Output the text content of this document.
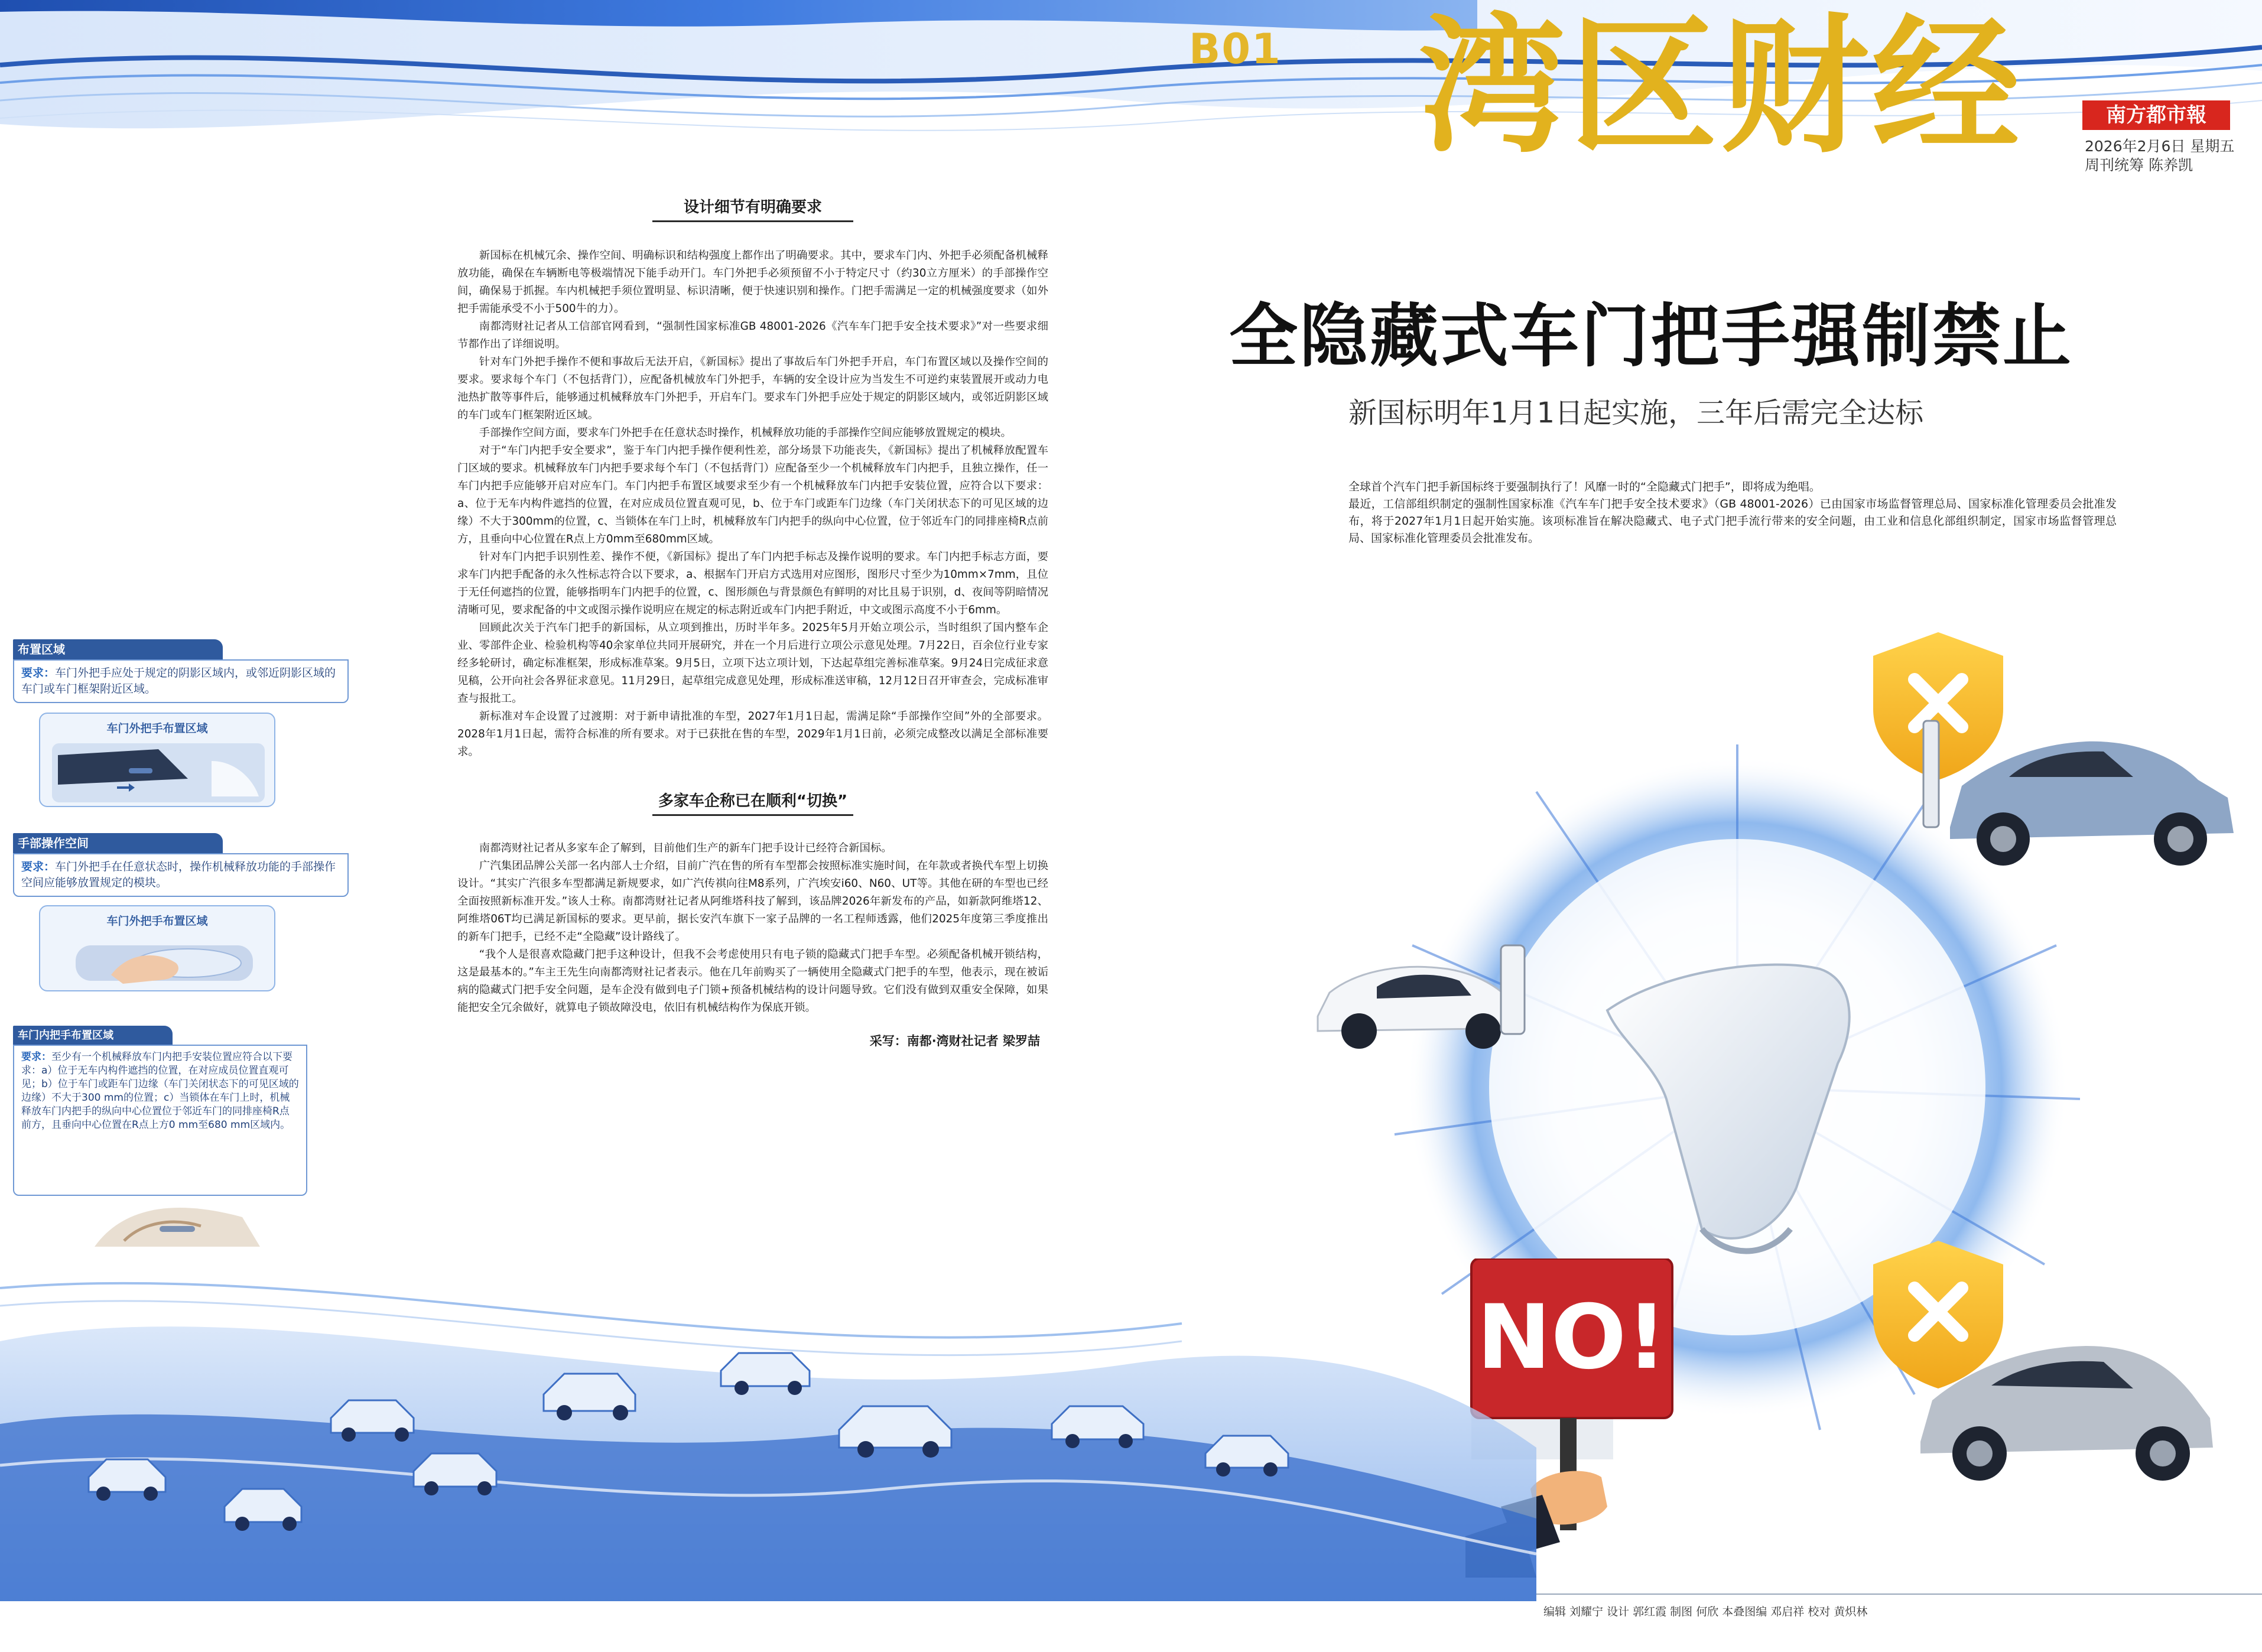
B01 湾区财经	南方都市報
2026年2月6日 星期五
周刊统筹 陈养凯
布置区域
要求：车门外把手应处于规定的阴影区域内，或邻近阴影区域的车门或车门框架附近区域。
车门外把手布置区域
手部操作空间
要求：车门外把手在任意状态时，操作机械释放功能的手部操作空间应能够放置规定的模块。
车门外把手布置区域
车门内把手布置区域
要求：至少有一个机械释放车门内把手安装位置应符合以下要求：a）位于无车内构件遮挡的位置，在对应成员位置直观可见；b）位于车门或距车门边缘（车门关闭状态下的可见区域的边缘）不大于300 mm的位置；c）当锁体在车门上时，机械释放车门内把手的纵向中心位置位于邻近车门的同排座椅R点前方，且垂向中心位置在R点上方0 mm至680 mm区域内。
设计细节有明确要求

新国标在机械冗余、操作空间、明确标识和结构强度上都作出了明确要求。其中，要求车门内、外把手必须配备机械释放功能，确保在车辆断电等极端情况下能手动开门。车门外把手必须预留不小于特定尺寸（约30立方厘米）的手部操作空间，确保易于抓握。车内机械把手须位置明显、标识清晰，便于快速识别和操作。门把手需满足一定的机械强度要求（如外把手需能承受不小于500牛的力）。

南都湾财社记者从工信部官网看到，“强制性国家标准GB 48001-2026《汽车车门把手安全技术要求》”对一些要求细节都作出了详细说明。

针对车门外把手操作不便和事故后无法开启，《新国标》提出了事故后车门外把手开启，车门布置区域以及操作空间的要求。要求每个车门（不包括背门），应配备机械放车门外把手，车辆的安全设计应为当发生不可逆约束装置展开或动力电池热扩散等事件后，能够通过机械释放车门外把手，开启车门。要求车门外把手应处于规定的阴影区域内，或邻近阴影区域的车门或车门框架附近区域。

手部操作空间方面，要求车门外把手在任意状态时操作，机械释放功能的手部操作空间应能够放置规定的模块。

对于“车门内把手安全要求”，鉴于车门内把手操作便利性差，部分场景下功能丧失，《新国标》提出了机械释放配置车门区域的要求。机械释放车门内把手要求每个车门（不包括背门）应配备至少一个机械释放车门内把手，且独立操作，任一车门内把手应能够开启对应车门。车门内把手布置区域要求至少有一个机械释放车门内把手安装位置，应符合以下要求：a、位于无车内构件遮挡的位置，在对应成员位置直观可见，b、位于车门或距车门边缘（车门关闭状态下的可见区域的边缘）不大于300mm的位置，c、当锁体在车门上时，机械释放车门内把手的纵向中心位置，位于邻近车门的同排座椅R点前方，且垂向中心位置在R点上方0mm至680mm区域。

针对车门内把手识别性差、操作不便，《新国标》提出了车门内把手标志及操作说明的要求。车门内把手标志方面，要求车门内把手配备的永久性标志符合以下要求，a、根据车门开启方式选用对应图形，图形尺寸至少为10mm×7mm，且位于无任何遮挡的位置，能够指明车门内把手的位置，c、图形颜色与背景颜色有鲜明的对比且易于识别，d、夜间等阴暗情况清晰可见，要求配备的中文或图示操作说明应在规定的标志附近或车门内把手附近，中文或图示高度不小于6mm。

回顾此次关于汽车门把手的新国标，从立项到推出，历时半年多。2025年5月开始立项公示，当时组织了国内整车企业、零部件企业、检验机构等40余家单位共同开展研究，并在一个月后进行立项公示意见处理。7月22日，百余位行业专家经多轮研讨，确定标准框架，形成标准草案。9月5日，立项下达立项计划，下达起草组完善标准草案。9月24日完成征求意见稿，公开向社会各界征求意见。11月29日，起草组完成意见处理，形成标准送审稿，12月12日召开审查会，完成标准审查与报批工。

新标准对车企设置了过渡期：对于新申请批准的车型，2027年1月1日起，需满足除“手部操作空间”外的全部要求。2028年1月1日起，需符合标准的所有要求。对于已获批在售的车型，2029年1月1日前，必须完成整改以满足全部标准要求。

多家车企称已在顺利“切换”

南都湾财社记者从多家车企了解到，目前他们生产的新车门把手设计已经符合新国标。

广汽集团品牌公关部一名内部人士介绍，目前广汽在售的所有车型都会按照标准实施时间，在年款或者换代车型上切换设计。“其实广汽很多车型都满足新规要求，如广汽传祺向往M8系列，广汽埃安i60、N60、UT等。其他在研的车型也已经全面按照新标准开发。”该人士称。南都湾财社记者从阿维塔科技了解到，该品牌2026年新发布的产品，如新款阿维塔12、阿维塔06T均已满足新国标的要求。更早前，据长安汽车旗下一家子品牌的一名工程师透露，他们2025年度第三季度推出的新车门把手，已经不走“全隐藏”设计路线了。

“我个人是很喜欢隐藏门把手这种设计，但我不会考虑使用只有电子锁的隐藏式门把手车型。必须配备机械开锁结构，这是最基本的。”车主王先生向南都湾财社记者表示。他在几年前购买了一辆使用全隐藏式门把手的车型，他表示，现在被诟病的隐藏式门把手安全问题，是车企没有做到电子门锁+预备机械结构的设计问题导致。它们没有做到双重安全保障，如果能把安全冗余做好，就算电子锁故障没电，依旧有机械结构作为保底开锁。

采写：南都·湾财社记者 梁罗喆
全隐藏式车门把手强制禁止
新国标明年1月1日起实施，三年后需完全达标

全球首个汽车门把手新国标终于要强制执行了！风靡一时的“全隐藏式门把手”，即将成为绝唱。

最近，工信部组织制定的强制性国家标准《汽车车门把手安全技术要求》（GB 48001-2026）已由国家市场监督管理总局、国家标准化管理委员会批准发布，将于2027年1月1日起开始实施。该项标准旨在解决隐藏式、电子式门把手流行带来的安全问题，由工业和信息化部组织制定，国家市场监督管理总局、国家标准化管理委员会批准发布。

NO!
编辑 刘耀宁 设计 郭红霞 制图 何欣 本叠图编 邓启祥 校对 黄炽林
